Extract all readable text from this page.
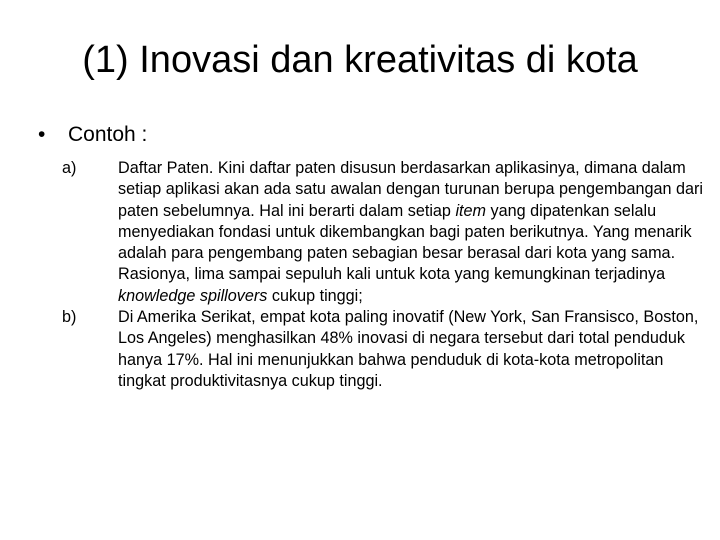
(1) Inovasi dan kreativitas di kota
• Contoh :
a)	Daftar Paten. Kini daftar paten disusun berdasarkan aplikasinya, dimana dalam setiap aplikasi akan ada satu awalan dengan turunan berupa pengembangan dari paten sebelumnya. Hal ini berarti dalam setiap item yang dipatenkan selalu menyediakan fondasi untuk dikembangkan bagi paten berikutnya. Yang menarik adalah para pengembang paten sebagian besar berasal dari kota yang sama. Rasionya, lima sampai sepuluh kali untuk kota yang kemungkinan terjadinya knowledge spillovers cukup tinggi;
b)	Di Amerika Serikat, empat kota paling inovatif (New York, San Fransisco, Boston, Los Angeles) menghasilkan 48% inovasi di negara tersebut dari total penduduk hanya 17%. Hal ini menunjukkan bahwa penduduk di kota-kota metropolitan tingkat produktivitasnya cukup tinggi.
